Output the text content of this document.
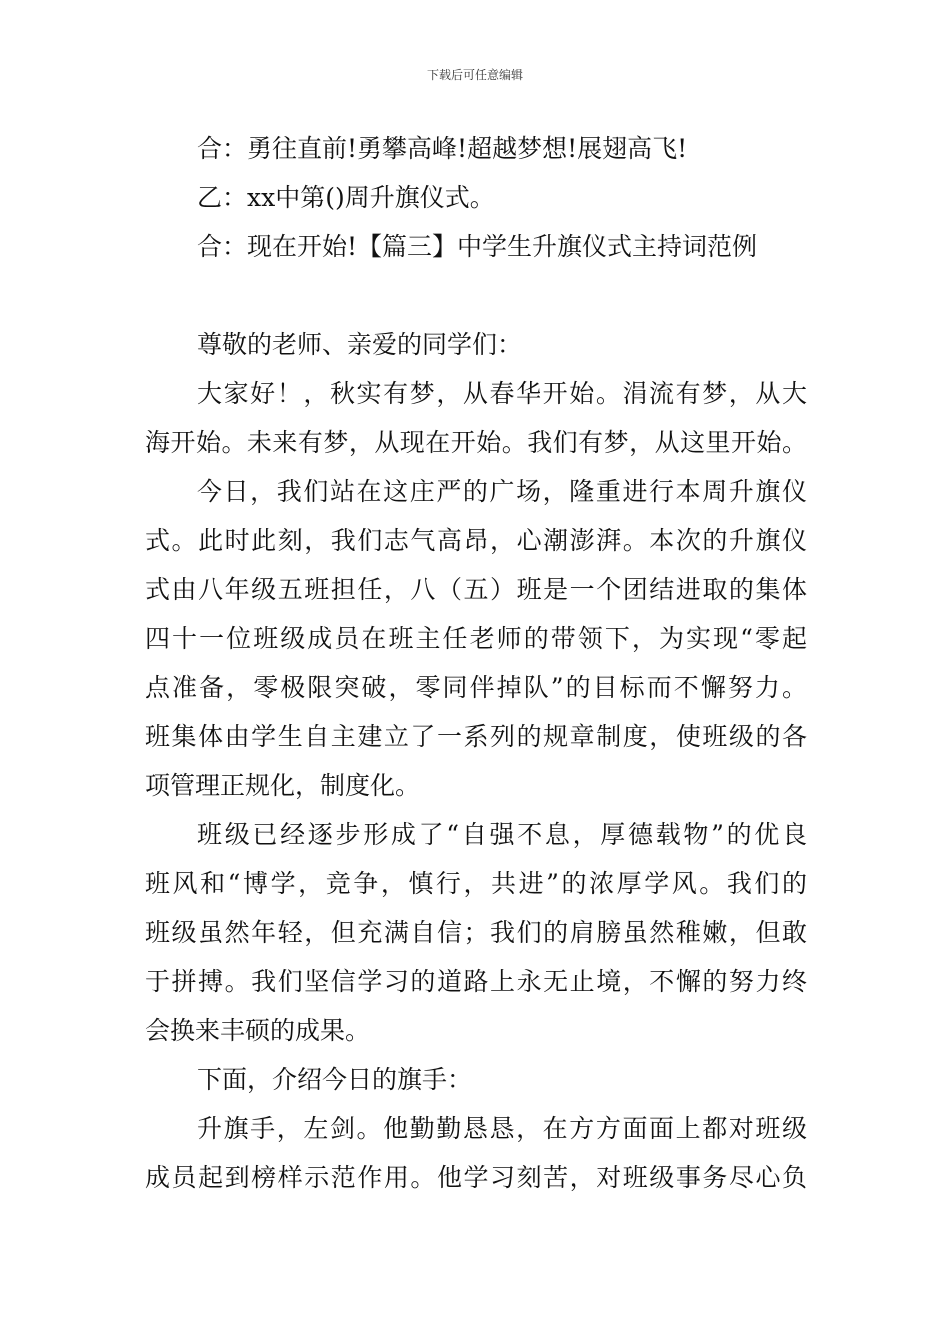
下载后可任意编辑

合：勇往直前!勇攀高峰!超越梦想!展翅高飞!

乙：xx中第()周升旗仪式。

合：现在开始!【篇三】中学生升旗仪式主持词范例

尊敬的老师、亲爱的同学们：

大家好！，秋实有梦，从春华开始。涓流有梦，从大

海开始。未来有梦，从现在开始。我们有梦，从这里开始。

今日，我们站在这庄严的广场，隆重进行本周升旗仪

式。此时此刻，我们志气高昂，心潮澎湃。本次的升旗仪

式由八年级五班担任，八（五）班是一个团结进取的集体

四十一位班级成员在班主任老师的带领下，为实现“零起

点准备，零极限突破，零同伴掉队”的目标而不懈努力。

班集体由学生自主建立了一系列的规章制度，使班级的各

项管理正规化，制度化。

班级已经逐步形成了“自强不息，厚德载物”的优良

班风和“博学，竞争，慎行，共进”的浓厚学风。我们的

班级虽然年轻，但充满自信；我们的肩膀虽然稚嫩，但敢

于拼搏。我们坚信学习的道路上永无止境，不懈的努力终

会换来丰硕的成果。

下面，介绍今日的旗手：

升旗手，左剑。他勤勤恳恳，在方方面面上都对班级

成员起到榜样示范作用。他学习刻苦，对班级事务尽心负
